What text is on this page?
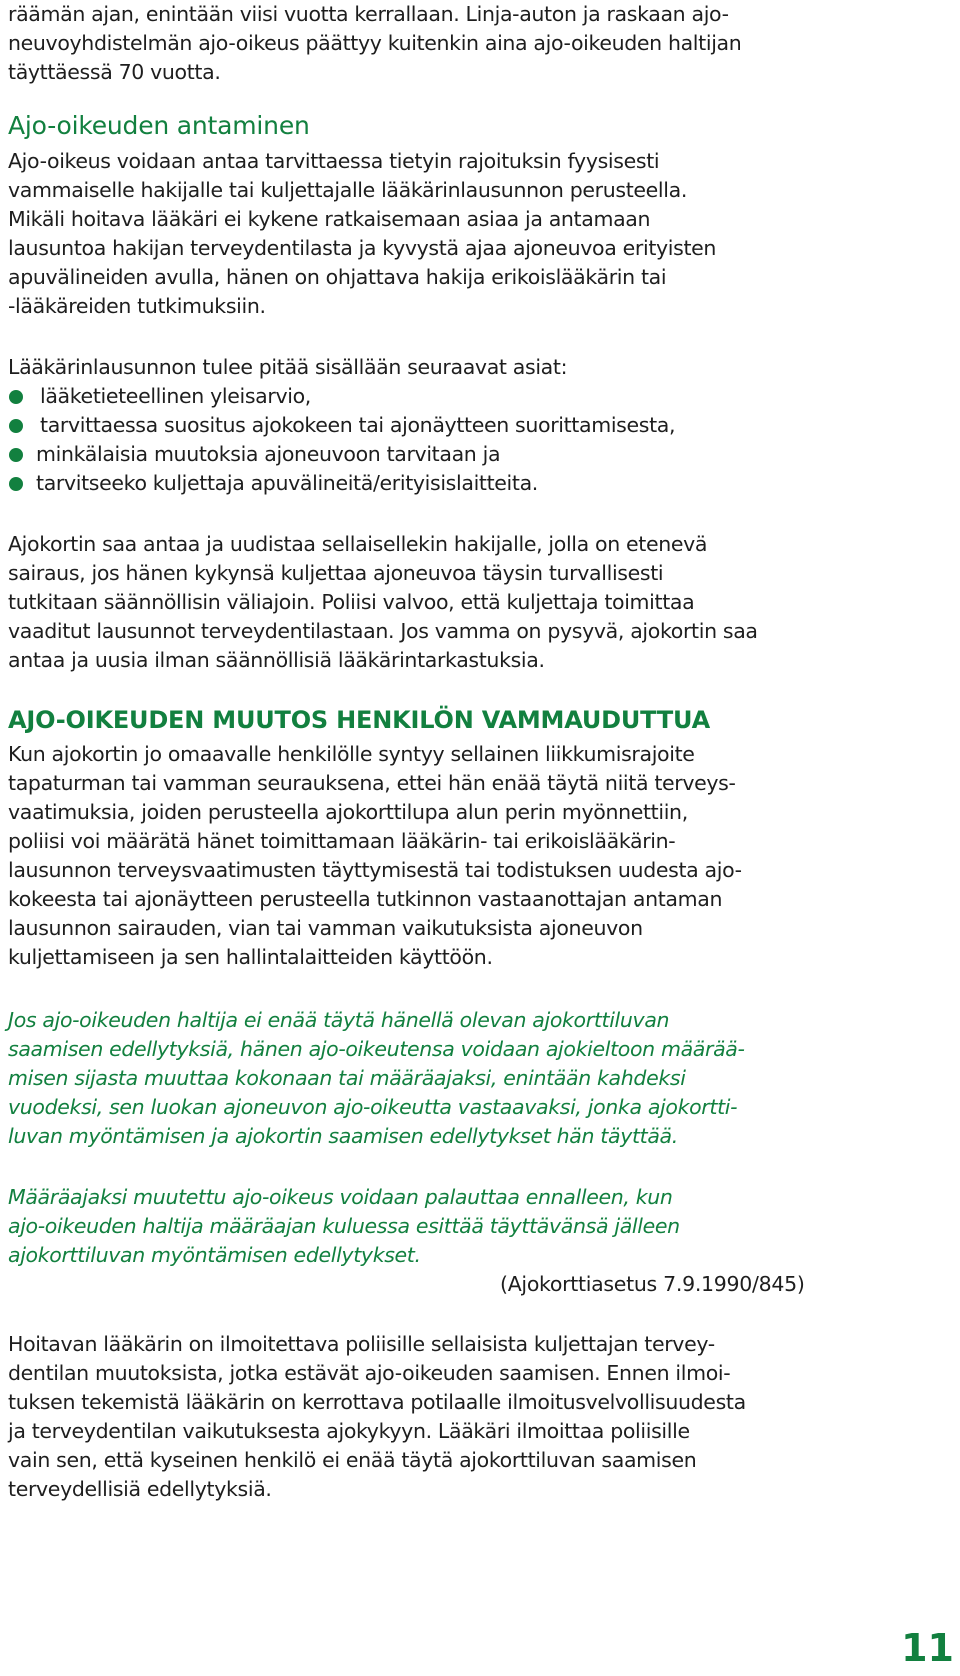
räämän ajan, enintään viisi vuotta kerrallaan. Linja-auton ja raskaan ajo-
neuvoyhdistelmän ajo-oikeus päättyy kuitenkin aina ajo-oikeuden haltijan
täyttäessä 70 vuotta.
Ajo-oikeuden antaminen
Ajo-oikeus voidaan antaa tarvittaessa tietyin rajoituksin fyysisesti
vammaiselle hakijalle tai kuljettajalle lääkärinlausunnon perusteella.
Mikäli hoitava lääkäri ei kykene ratkaisemaan asiaa ja antamaan
lausuntoa hakijan terveydentilasta ja kyvystä ajaa ajoneuvoa erityisten
apuvälineiden avulla, hänen on ohjattava hakija erikoislääkärin tai
-lääkäreiden tutkimuksiin.
Lääkärinlausunnon tulee pitää sisällään seuraavat asiat:
lääketieteellinen yleisarvio,
tarvittaessa suositus ajokokeen tai ajonäytteen suorittamisesta,
minkälaisia muutoksia ajoneuvoon tarvitaan ja
tarvitseeko kuljettaja apuvälineitä/erityisislaitteita.
Ajokortin saa antaa ja uudistaa sellaisellekin hakijalle, jolla on etenevä
sairaus, jos hänen kykynsä kuljettaa ajoneuvoa täysin turvallisesti
tutkitaan säännöllisin väliajoin. Poliisi valvoo, että kuljettaja toimittaa
vaaditut lausunnot terveydentilastaan. Jos vamma on pysyvä, ajokortin saa
antaa ja uusia ilman säännöllisiä lääkärintarkastuksia.
AJO-OIKEUDEN MUUTOS HENKILÖN VAMMAUDUTTUA
Kun ajokortin jo omaavalle henkilölle syntyy sellainen liikkumisrajoite
tapaturman tai vamman seurauksena, ettei hän enää täytä niitä terveys-
vaatimuksia, joiden perusteella ajokorttilupa alun perin myönnettiin,
poliisi voi määrätä hänet toimittamaan lääkärin- tai erikoislääkärin-
lausunnon terveysvaatimusten täyttymisestä tai todistuksen uudesta ajo-
kokeesta tai ajonäytteen perusteella tutkinnon vastaanottajan antaman
lausunnon sairauden, vian tai vamman vaikutuksista ajoneuvon
kuljettamiseen ja sen hallintalaitteiden käyttöön.
Jos ajo-oikeuden haltija ei enää täytä hänellä olevan ajokorttiluvan
saamisen edellytyksiä, hänen ajo-oikeutensa voidaan ajokieltoon määrää-
misen sijasta muuttaa kokonaan tai määräajaksi, enintään kahdeksi
vuodeksi, sen luokan ajoneuvon ajo-oikeutta vastaavaksi, jonka ajokortti-
luvan myöntämisen ja ajokortin saamisen edellytykset hän täyttää.
Määräajaksi muutettu ajo-oikeus voidaan palauttaa ennalleen, kun
ajo-oikeuden haltija määräajan kuluessa esittää täyttävänsä jälleen
ajokorttiluvan myöntämisen edellytykset.
(Ajokorttiasetus 7.9.1990/845)
Hoitavan lääkärin on ilmoitettava poliisille sellaisista kuljettajan tervey-
dentilan muutoksista, jotka estävät ajo-oikeuden saamisen. Ennen ilmoi-
tuksen tekemistä lääkärin on kerrottava potilaalle ilmoitusvelvollisuudesta
ja terveydentilan vaikutuksesta ajokykyyn. Lääkäri ilmoittaa poliisille
vain sen, että kyseinen henkilö ei enää täytä ajokorttiluvan saamisen
terveydellisiä edellytyksiä.
11
